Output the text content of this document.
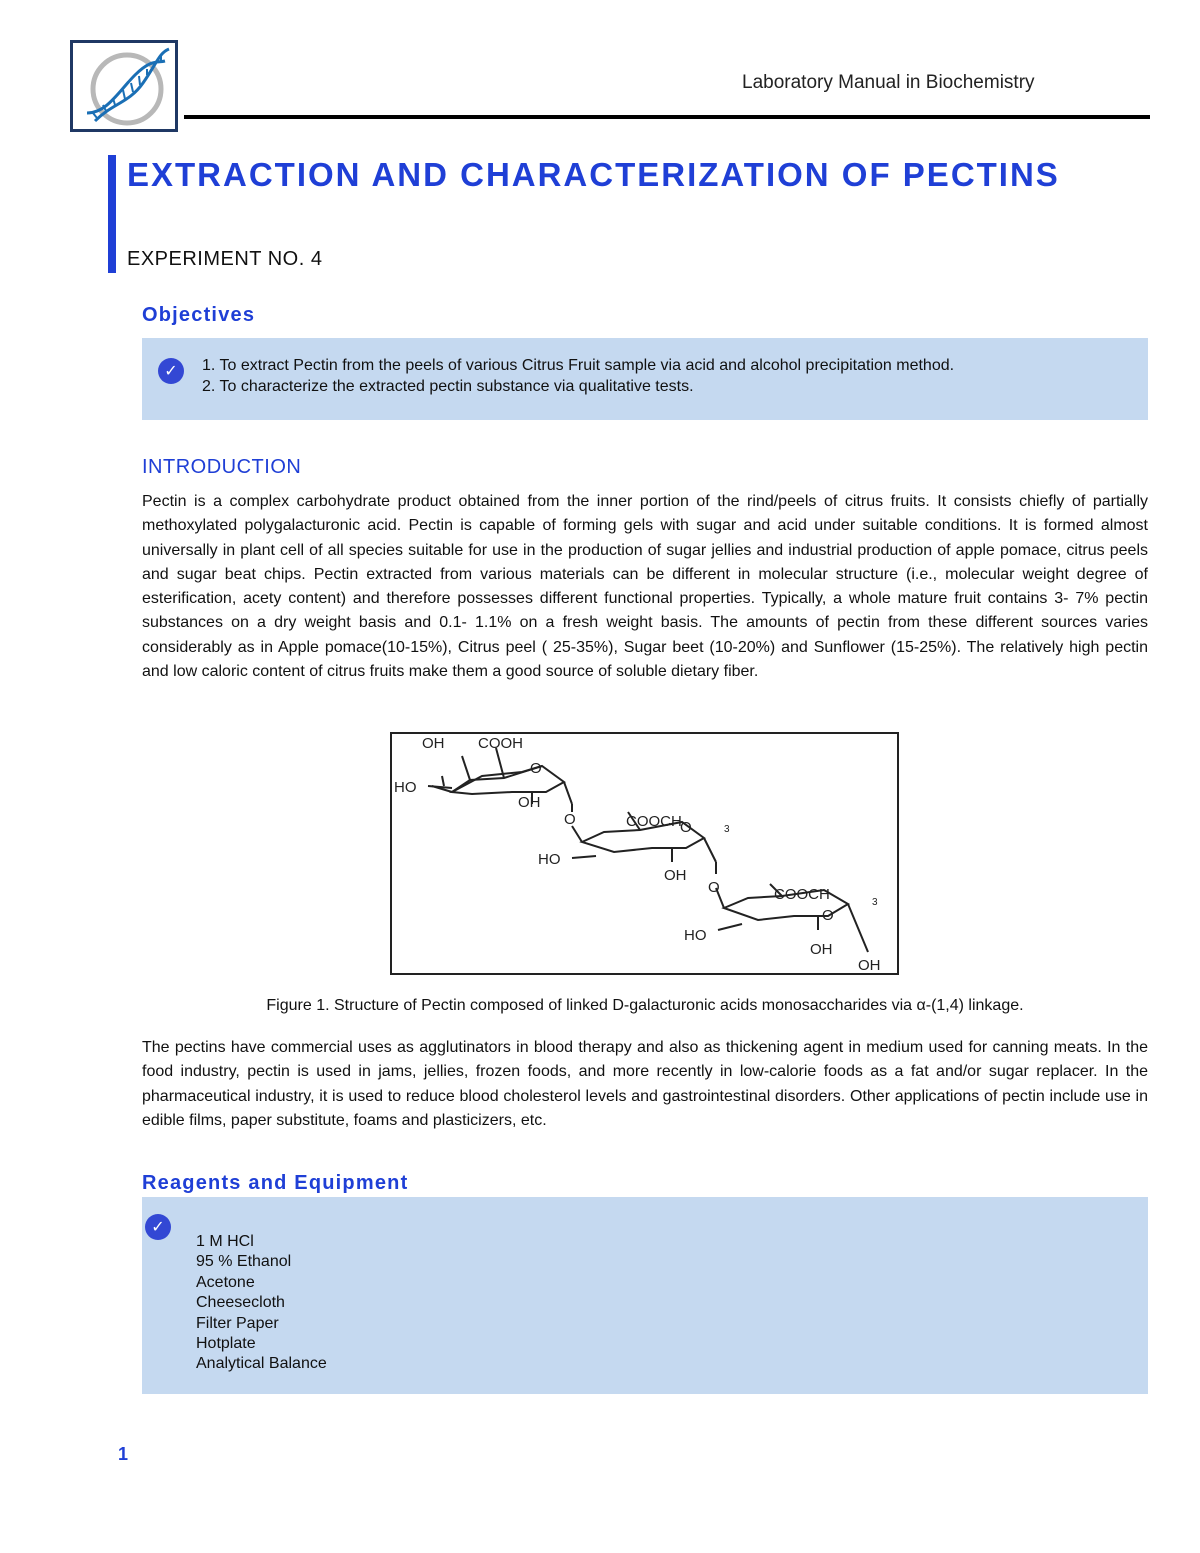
Laboratory Manual in Biochemistry
EXTRACTION AND CHARACTERIZATION OF PECTINS
EXPERIMENT NO. 4
Objectives
✓	1. To extract Pectin from the peels of various Citrus Fruit sample via acid and alcohol precipitation method.
2. To characterize the extracted pectin substance via qualitative tests.
INTRODUCTION

Pectin is a complex carbohydrate product obtained from the inner portion of the rind/peels of citrus fruits. It consists chiefly of partially methoxylated polygalacturonic acid. Pectin is capable of forming gels with sugar and acid under suitable conditions. It is formed almost universally in plant cell of all species suitable for use in the production of sugar jellies and industrial production of apple pomace, citrus peels and sugar beat chips. Pectin extracted from various materials can be different in molecular structure (i.e., molecular weight degree of esterification, acety content) and therefore possesses different functional properties. Typically, a whole mature fruit contains 3- 7% pectin substances on a dry weight basis and 0.1- 1.1% on a fresh weight basis. The amounts of pectin from these different sources varies considerably as in Apple pomace(10-15%), Citrus peel ( 25-35%), Sugar beet (10-20%) and Sunflower (15-25%). The relatively high pectin and low caloric content of citrus fruits make them a good source of soluble dietary fiber.

OH COOH
O
HO
OH
O	COOCH	3
O
HO
OH
O	COOCH	3
O
HO
OH
OH
Figure 1. Structure of Pectin composed of linked D-galacturonic acids monosaccharides via α-(1,4) linkage.

The pectins have commercial uses as agglutinators in blood therapy and also as thickening agent in medium used for canning meats. In the food industry, pectin is used in jams, jellies, frozen foods, and more recently in low-calorie foods as a fat and/or sugar replacer. In the pharmaceutical industry, it is used to reduce blood cholesterol levels and gastrointestinal disorders. Other applications of pectin include use in edible films, paper substitute, foams and plasticizers, etc.

Reagents and Equipment
✓
1 M HCl
95 % Ethanol
Acetone
Cheesecloth
Filter Paper
Hotplate
Analytical Balance
1
